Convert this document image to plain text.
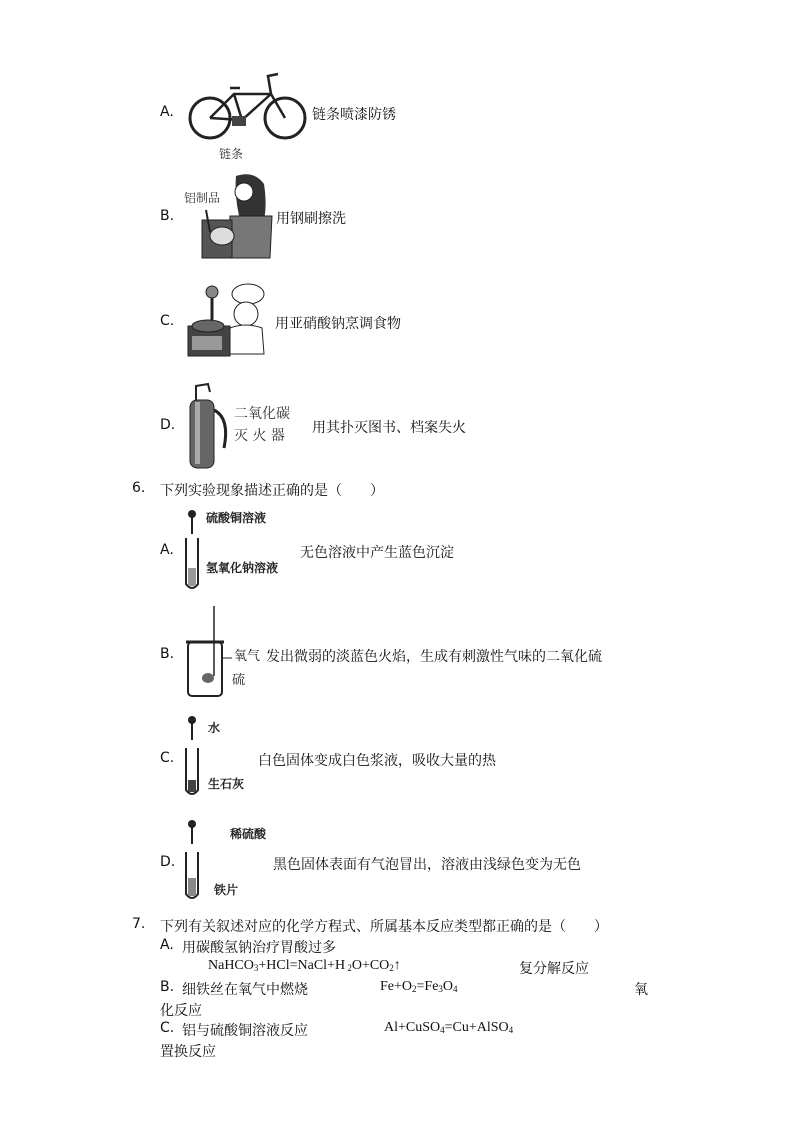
A.
链条
链条喷漆防锈
B.
铝制品
用钢刷擦洗
C.	用亚硝酸钠烹调食物
D.
二氧化碳
灭 火 器 用其扑灭图书、档案失火
6. 下列实验现象描述正确的是（　　）
A.
硫酸铜溶液
氢氧化钠溶液
无色溶液中产生蓝色沉淀
B.	氧气
硫
发出微弱的淡蓝色火焰，生成有刺激性气味的二氧化硫
C.
水
生石灰
白色固体变成白色浆液，吸收大量的热
D.
稀硫酸
铁片
黑色固体表面有气泡冒出，溶液由浅绿色变为无色
7. 下列有关叙述对应的化学方程式、所属基本反应类型都正确的是（　　）
A. 用碳酸氢钠治疗胃酸过多
NaHCO$_3$+HCl=NaCl+H $_2O+CO_2↑$	复分解反应
B. 细铁丝在氧气中燃烧	$Fe+O_2=Fe_3O_4$	氧
化反应
C. 铝与硫酸铜溶液反应	Al+CuSO$_4$=Cu+AlSO$_4$
置换反应
